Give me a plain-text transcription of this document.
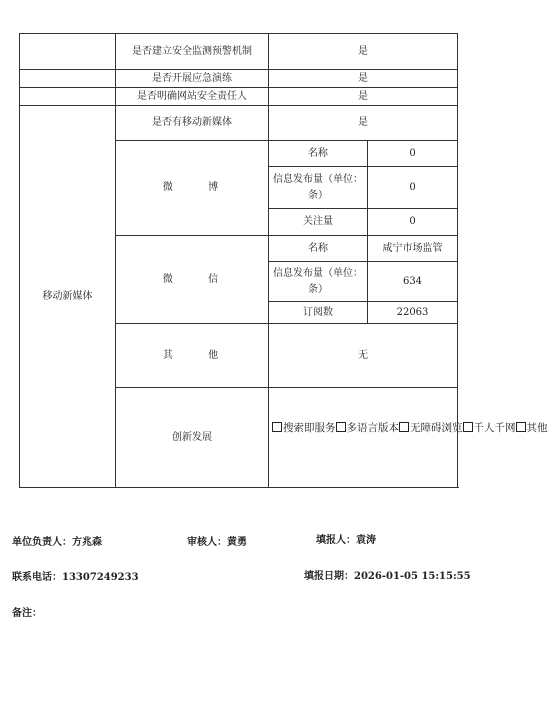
	是否建立安全监测预警机制	是	
	是否开展应急演练	是	
	是否明确网站安全责任人	是	
移动新媒体	是否有移动新媒体	是	
	微 博	名称	0
		信息发布量（单位：条）	0
		关注量	0
	微 信	名称	咸宁市场监管
		信息发布量（单位：条）	634
		订阅数	22063
	其 他	无	
	创新发展	搜索即服务 多语言版本 无障碍浏览 千人千网 其他	
单位负责人：方兆森	审核人：黄勇	填报人：袁涛
联系电话：13307249233	填报日期：2026-01-05 15:15:55
备注：
